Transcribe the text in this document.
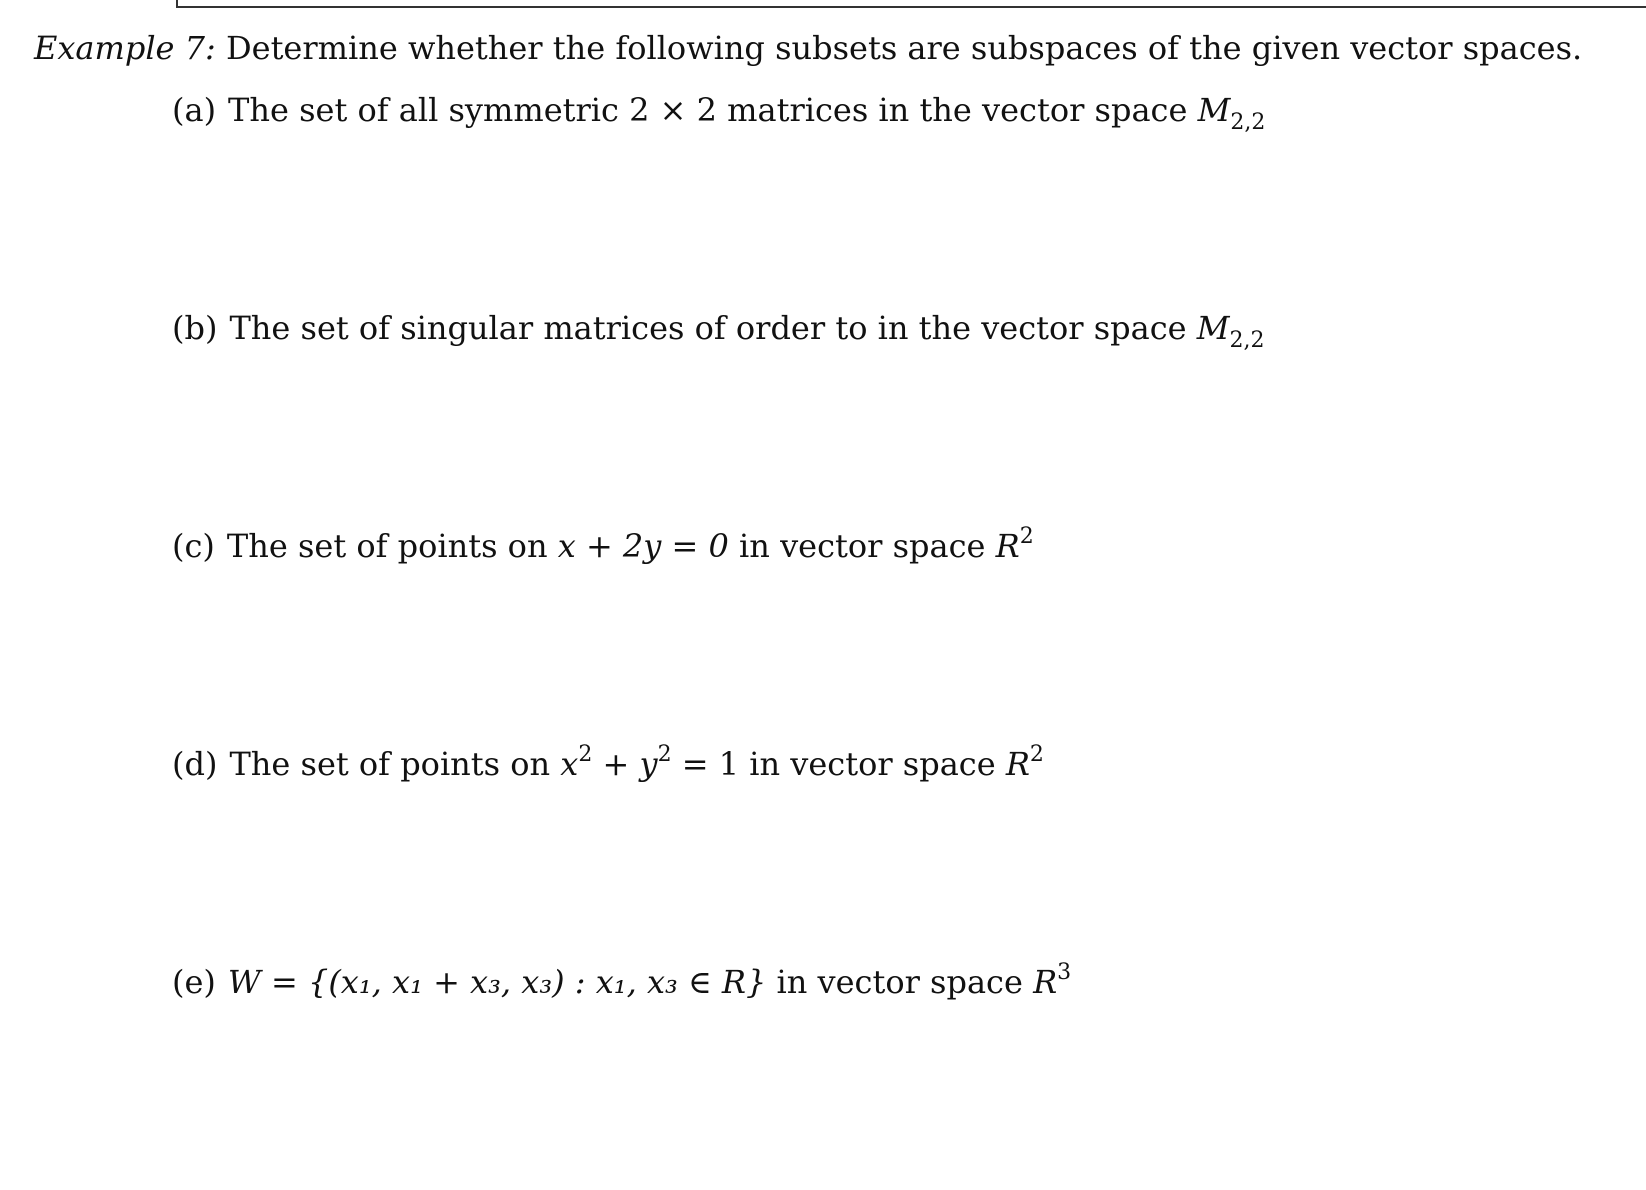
Example 7: Determine whether the following subsets are subspaces of the given vector spaces.
(a) The set of all symmetric 2 × 2 matrices in the vector space $M_{2,2}$
(b) The set of singular matrices of order to in the vector space $M_{2,2}$
(c) The set of points on x + 2y = 0 in vector space $R^2$
(d) The set of points on $x^2 + y^2 = 1$ in vector space $R^2$
(e) W = {(x₁, x₁ + x₃, x₃) : x₁, x₃ ∈ R} in vector space $R^3$
